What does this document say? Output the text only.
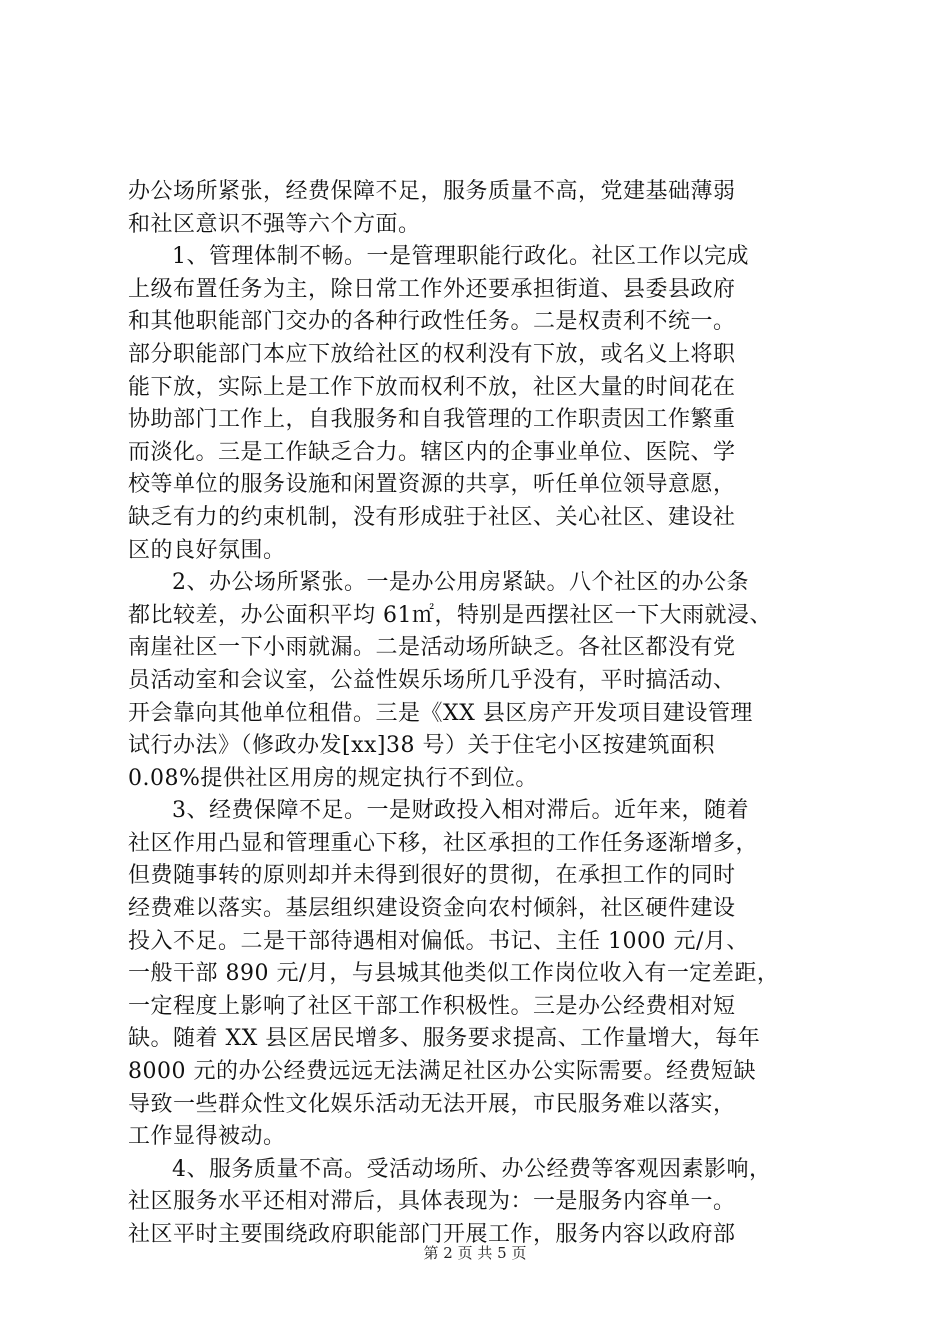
办公场所紧张，经费保障不足，服务质量不高，党建基础薄弱
和社区意识不强等六个方面。
1、管理体制不畅。一是管理职能行政化。社区工作以完成
上级布置任务为主，除日常工作外还要承担街道、县委县政府
和其他职能部门交办的各种行政性任务。二是权责利不统一。
部分职能部门本应下放给社区的权利没有下放，或名义上将职
能下放，实际上是工作下放而权利不放，社区大量的时间花在
协助部门工作上，自我服务和自我管理的工作职责因工作繁重
而淡化。三是工作缺乏合力。辖区内的企事业单位、医院、学
校等单位的服务设施和闲置资源的共享，听任单位领导意愿，
缺乏有力的约束机制，没有形成驻于社区、关心社区、建设社
区的良好氛围。
2、办公场所紧张。一是办公用房紧缺。八个社区的办公条
都比较差，办公面积平均 61㎡，特别是西摆社区一下大雨就浸、
南崖社区一下小雨就漏。二是活动场所缺乏。各社区都没有党
员活动室和会议室，公益性娱乐场所几乎没有，平时搞活动、
开会靠向其他单位租借。三是《XX 县区房产开发项目建设管理
试行办法》（修政办发[xx]38 号）关于住宅小区按建筑面积
0.08%提供社区用房的规定执行不到位。
3、经费保障不足。一是财政投入相对滞后。近年来，随着
社区作用凸显和管理重心下移，社区承担的工作任务逐渐增多，
但费随事转的原则却并未得到很好的贯彻，在承担工作的同时
经费难以落实。基层组织建设资金向农村倾斜，社区硬件建设
投入不足。二是干部待遇相对偏低。书记、主任 1000 元/月、
一般干部 890 元/月，与县城其他类似工作岗位收入有一定差距，
一定程度上影响了社区干部工作积极性。三是办公经费相对短
缺。随着 XX 县区居民增多、服务要求提高、工作量增大，每年
8000 元的办公经费远远无法满足社区办公实际需要。经费短缺
导致一些群众性文化娱乐活动无法开展，市民服务难以落实，
工作显得被动。
4、服务质量不高。受活动场所、办公经费等客观因素影响，
社区服务水平还相对滞后，具体表现为：一是服务内容单一。
社区平时主要围绕政府职能部门开展工作，服务内容以政府部
第 2 页 共 5 页
